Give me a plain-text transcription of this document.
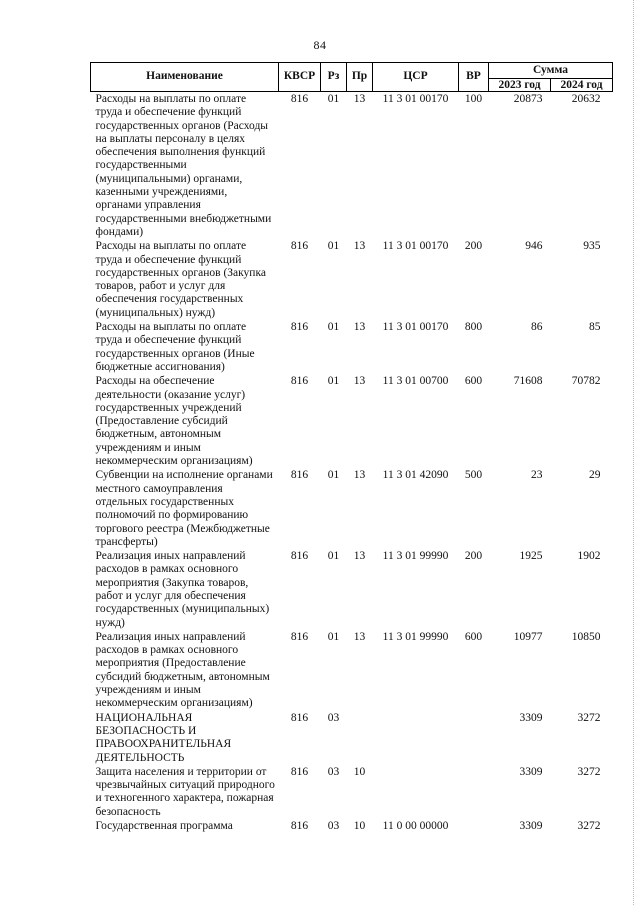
84
Наименование	КВСР	Рз	Пр	ЦСР	ВР	Сумма	
						2023 год	2024 год
Расходы на выплаты по оплате труда и обеспечение функций государственных органов (Расходы на выплаты персоналу в целях обеспечения выполнения функций государственными (муниципальными) органами, казенными учреждениями, органами управления государственными внебюджетными фондами)	816	01	13	11 3 01 00170	100	20873	20632
Расходы на выплаты по оплате труда и обеспечение функций государственных органов (Закупка товаров, работ и услуг для обеспечения государственных (муниципальных) нужд)	816	01	13	11 3 01 00170	200	946	935
Расходы на выплаты по оплате труда и обеспечение функций государственных органов (Иные бюджетные ассигнования)	816	01	13	11 3 01 00170	800	86	85
Расходы на обеспечение деятельности (оказание услуг) государственных учреждений (Предоставление субсидий бюджетным, автономным учреждениям и иным некоммерческим организациям)	816	01	13	11 3 01 00700	600	71608	70782
Субвенции на исполнение органами местного самоуправления отдельных государственных полномочий по формированию торгового реестра (Межбюджетные трансферты)	816	01	13	11 3 01 42090	500	23	29
Реализация иных направлений расходов в рамках основного мероприятия (Закупка товаров, работ и услуг для обеспечения государственных (муниципальных) нужд)	816	01	13	11 3 01 99990	200	1925	1902
Реализация иных направлений расходов в рамках основного мероприятия (Предоставление субсидий бюджетным, автономным учреждениям и иным некоммерческим организациям)	816	01	13	11 3 01 99990	600	10977	10850
НАЦИОНАЛЬНАЯ БЕЗОПАСНОСТЬ И ПРАВООХРАНИТЕЛЬНАЯ ДЕЯТЕЛЬНОСТЬ	816	03				3309	3272
Защита населения и территории от чрезвычайных ситуаций природного и техногенного характера, пожарная безопасность	816	03	10			3309	3272
Государственная программа	816	03	10	11 0 00 00000		3309	3272
